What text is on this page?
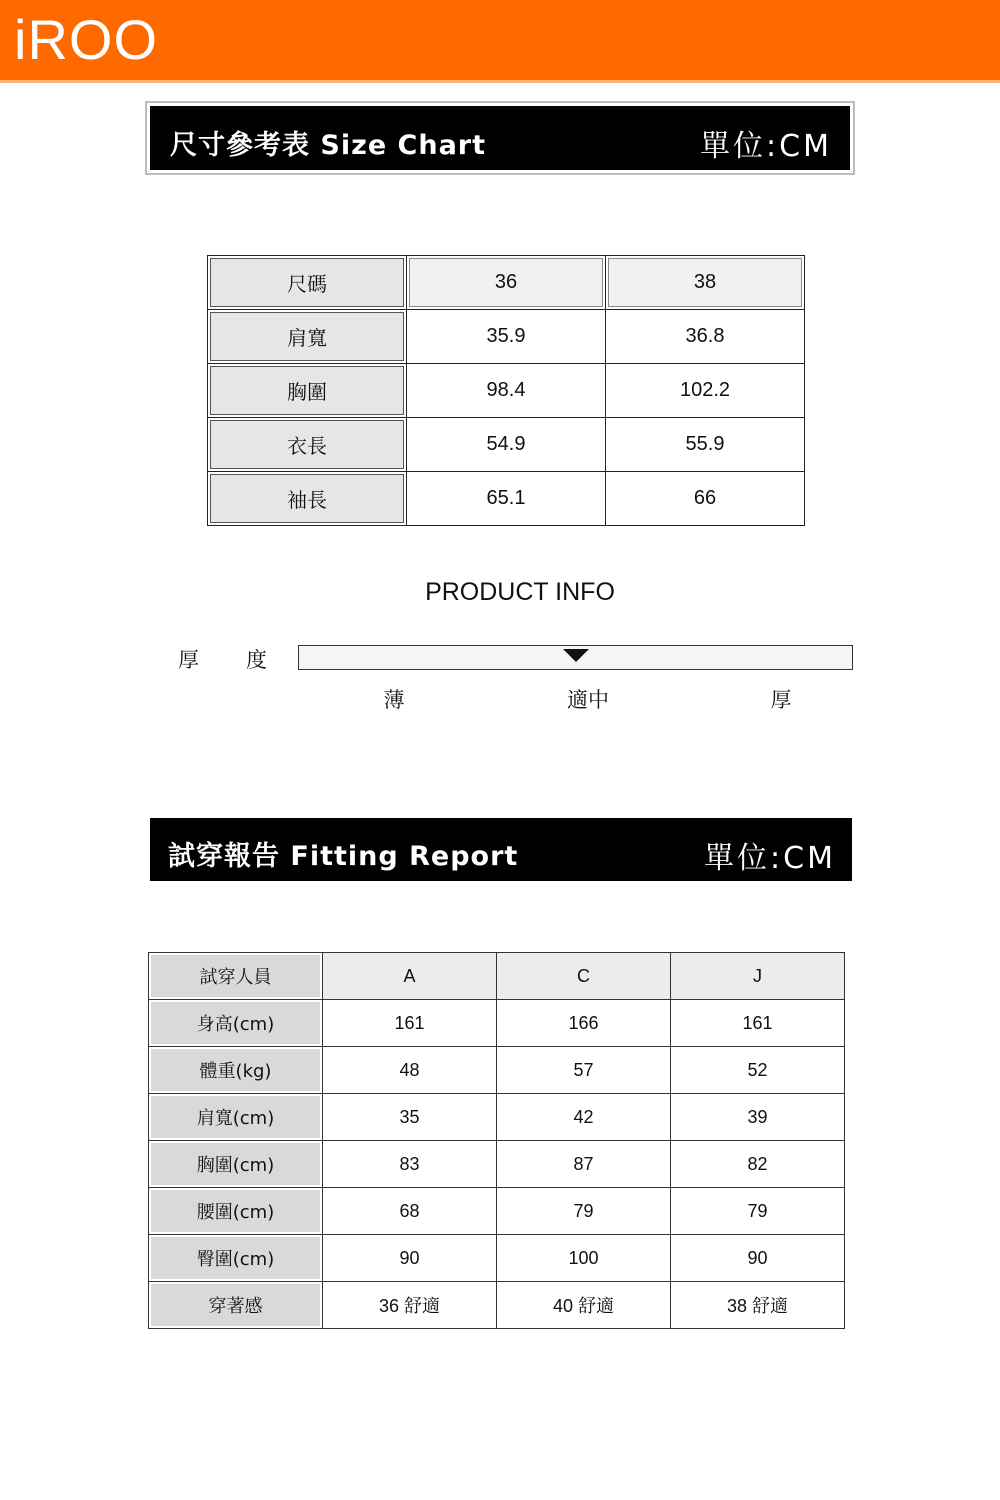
iROO
尺寸參考表 Size Chart	單位:CM
尺碼	36	38
肩寬	35.9	36.8
胸圍	98.4	102.2
衣長	54.9	55.9
袖長	65.1	66
PRODUCT INFO
厚 度
薄	適中	厚
試穿報告 Fitting Report	單位:CM
試穿人員	A	C	J
身高(cm)	161	166	161
體重(kg)	48	57	52
肩寬(cm)	35	42	39
胸圍(cm)	83	87	82
腰圍(cm)	68	79	79
臀圍(cm)	90	100	90
穿著感	36 舒適	40 舒適	38 舒適
